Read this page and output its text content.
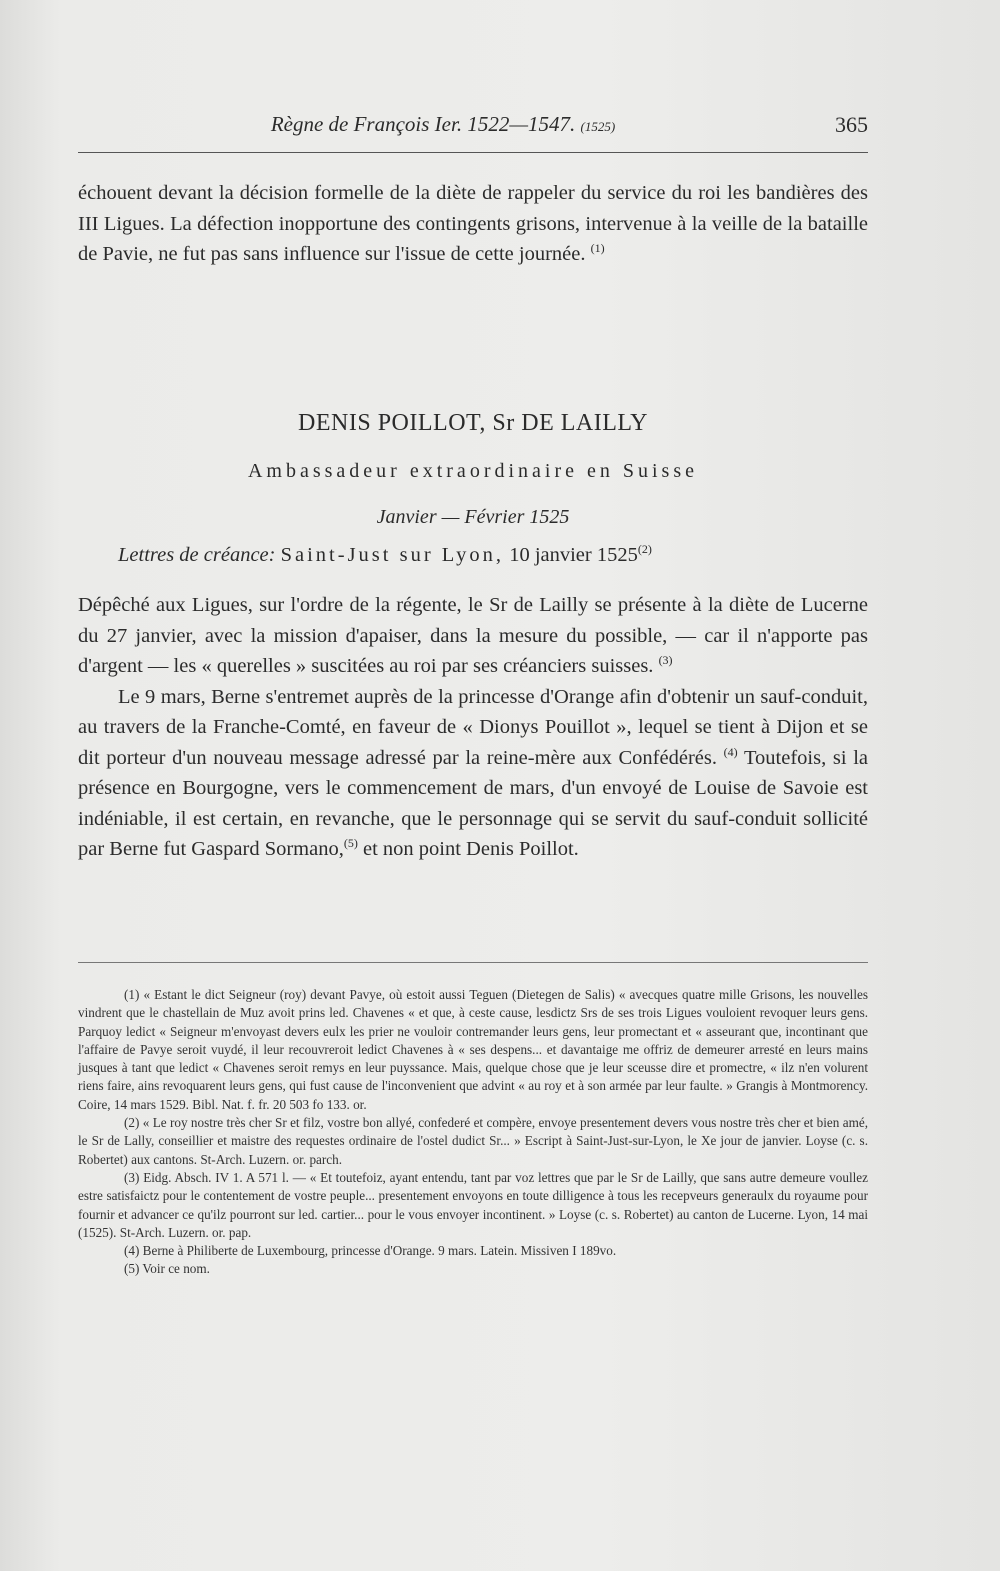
Règne de François Ier. 1522—1547. (1525)	365

échouent devant la décision formelle de la diète de rappeler du service du roi les bandières des III Ligues. La défection inopportune des contingents grisons, intervenue à la veille de la bataille de Pavie, ne fut pas sans influence sur l'issue de cette journée. $^{(1)}$

DENIS POILLOT, Sr DE LAILLY
Ambassadeur extraordinaire en Suisse
Janvier — Février 1525
Lettres de créance: Saint-Just sur Lyon, 10 janvier 1525$^{(2)}$

Dépêché aux Ligues, sur l'ordre de la régente, le Sr de Lailly se présente à la diète de Lucerne du 27 janvier, avec la mission d'apaiser, dans la mesure du possible, — car il n'apporte pas d'argent — les « querelles » suscitées au roi par ses créanciers suisses. $^{(3)}$

Le 9 mars, Berne s'entremet auprès de la princesse d'Orange afin d'obtenir un sauf-conduit, au travers de la Franche-Comté, en faveur de « Dionys Pouillot », lequel se tient à Dijon et se dit porteur d'un nouveau message adressé par la reine-mère aux Confédérés. $^{(4)}$ Toutefois, si la présence en Bourgogne, vers le commencement de mars, d'un envoyé de Louise de Savoie est indéniable, il est certain, en revanche, que le personnage qui se servit du sauf-conduit sollicité par Berne fut Gaspard Sormano,$^{(5)}$ et non point Denis Poillot.

(1) « Estant le dict Seigneur (roy) devant Pavye, où estoit aussi Teguen (Dietegen de Salis) « avecques quatre mille Grisons, les nouvelles vindrent que le chastellain de Muz avoit prins led. Chavenes « et que, à ceste cause, lesdictz Srs de ses trois Ligues vouloient revoquer leurs gens. Parquoy ledict « Seigneur m'envoyast devers eulx les prier ne vouloir contremander leurs gens, leur promectant et « asseurant que, incontinant que l'affaire de Pavye seroit vuydé, il leur recouvreroit ledict Chavenes à « ses despens... et davantaige me offriz de demeurer arresté en leurs mains jusques à tant que ledict « Chavenes seroit remys en leur puyssance. Mais, quelque chose que je leur sceusse dire et promectre, « ilz n'en volurent riens faire, ains revoquarent leurs gens, qui fust cause de l'inconvenient que advint « au roy et à son armée par leur faulte. » Grangis à Montmorency. Coire, 14 mars 1529. Bibl. Nat. f. fr. 20 503 fo 133. or.

(2) « Le roy nostre très cher Sr et filz, vostre bon allyé, confederé et compère, envoye presentement devers vous nostre très cher et bien amé, le Sr de Lally, conseillier et maistre des requestes ordinaire de l'ostel dudict Sr... » Escript à Saint-Just-sur-Lyon, le Xe jour de janvier. Loyse (c. s. Robertet) aux cantons. St-Arch. Luzern. or. parch.

(3) Eidg. Absch. IV 1. A 571 l. — « Et toutefoiz, ayant entendu, tant par voz lettres que par le Sr de Lailly, que sans autre demeure voullez estre satisfaictz pour le contentement de vostre peuple... presentement envoyons en toute dilligence à tous les recepveurs generaulx du royaume pour fournir et advancer ce qu'ilz pourront sur led. cartier... pour le vous envoyer incontinent. » Loyse (c. s. Robertet) au canton de Lucerne. Lyon, 14 mai (1525). St-Arch. Luzern. or. pap.

(4) Berne à Philiberte de Luxembourg, princesse d'Orange. 9 mars. Latein. Missiven I 189vo.

(5) Voir ce nom.
